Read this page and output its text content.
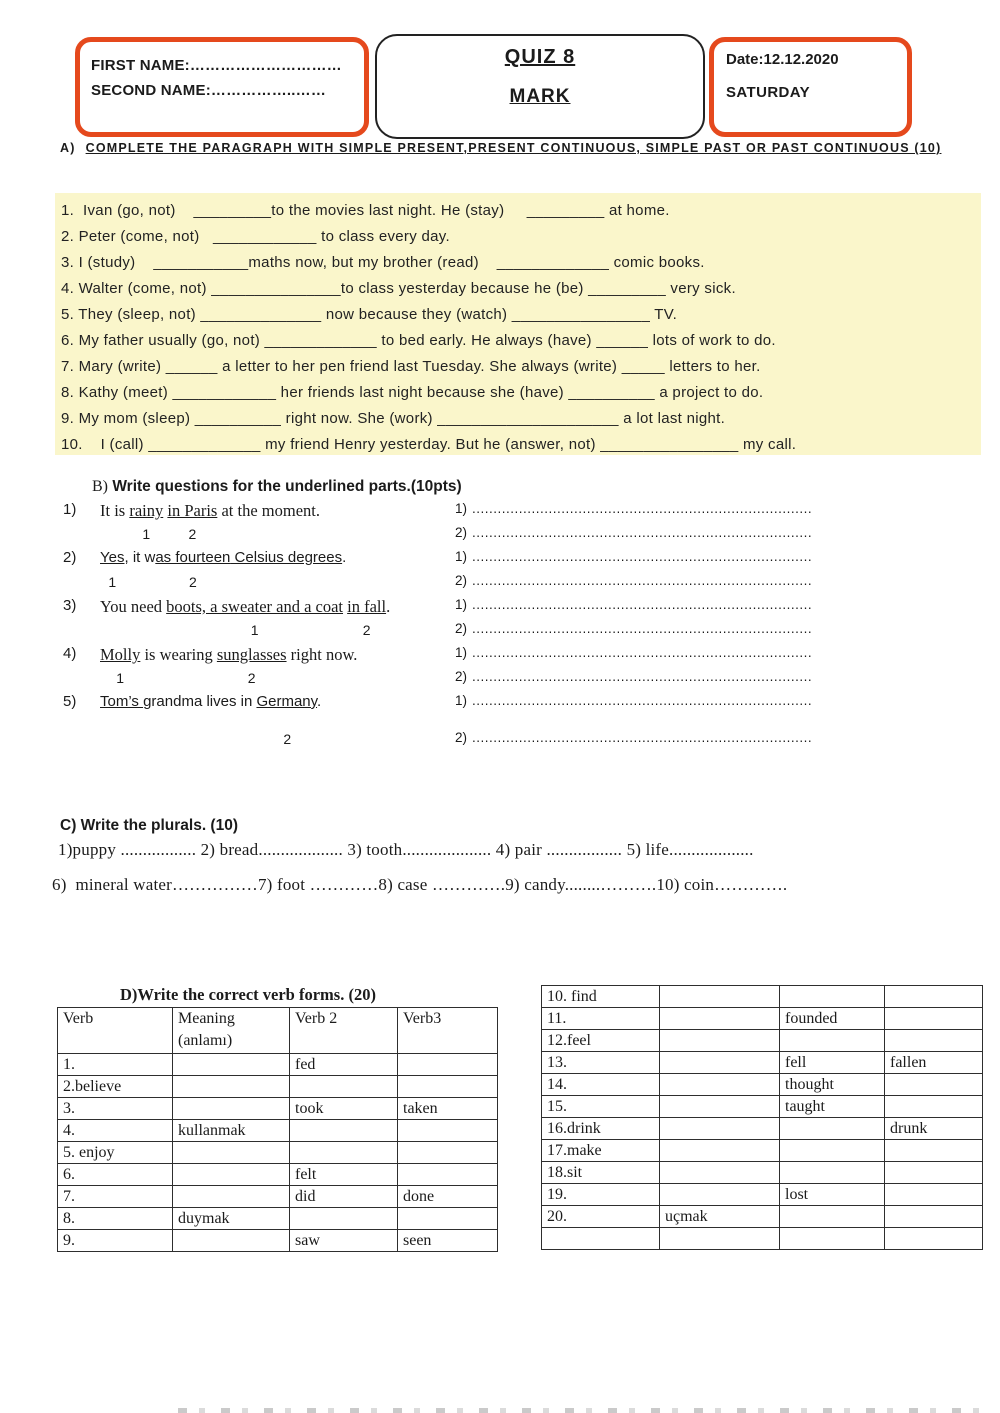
FIRST NAME:…………………………
SECOND NAME:……………..……
QUIZ 8
MARK
Date:12.12.2020
SATURDAY
A) COMPLETE THE PARAGRAPH WITH SIMPLE PRESENT,PRESENT CONTINUOUS, SIMPLE PAST OR PAST CONTINUOUS (10)
1.  Ivan (go, not)    _________to the movies last night. He (stay)     _________ at home.
2. Peter (come, not)   ____________ to class every day.
3. I (study)    ___________maths now, but my brother (read)    _____________ comic books.
4. Walter (come, not) _______________to class yesterday because he (be) _________ very sick.
5. They (sleep, not) ______________ now because they (watch) ________________ TV.
6. My father usually (go, not) _____________ to bed early. He always (have) ______ lots of work to do.
7. Mary (write) ______ a letter to her pen friend last Tuesday. She always (write) _____ letters to her.
8. Kathy (meet) ____________ her friends last night because she (have) __________ a project to do.
9. My mom (sleep) __________ right now. She (work) _____________________ a lot last night.
10.    I (call) _____________ my friend Henry yesterday. But he (answer, not) ________________ my call.
B) Write questions for the underlined parts.(10pts)
1)	It is rainy in Paris at the moment.	1) ................................................................................
1
	2	2) ................................................................................
2)	Yes, it was fourteen Celsius degrees.	1) ................................................................................
1	2	2) ................................................................................
3)	You need boots, a sweater and a coat in fall.	1) ................................................................................
1
	2	2) ................................................................................
4)	Molly is wearing sunglasses right now.	1) ................................................................................
1	2	2) ................................................................................
5)	Tom’s grandma lives in Germany.	1) ................................................................................
2	2) ................................................................................
C) Write the plurals. (10)
1)puppy ................. 2) bread................... 3) tooth.................... 4) pair ................. 5) life...................
6)  mineral water……………7) foot …………8) case ………….9) candy........……….10) coin………….
D)Write the correct verb forms. (20)
Verb	Meaning (anlamı)	Verb 2	Verb3
1.		fed	
2.believe			
3.		took	taken
4.	kullanmak		
5. enjoy			
6.		felt	
7.		did	done
8.	duymak		
9.		saw	seen
10. find			
11.		founded	
12.feel			
13.		fell	fallen
14.		thought	
15.		taught	
16.drink			drunk
17.make			
18.sit			
19.		lost	
20.	uçmak		
